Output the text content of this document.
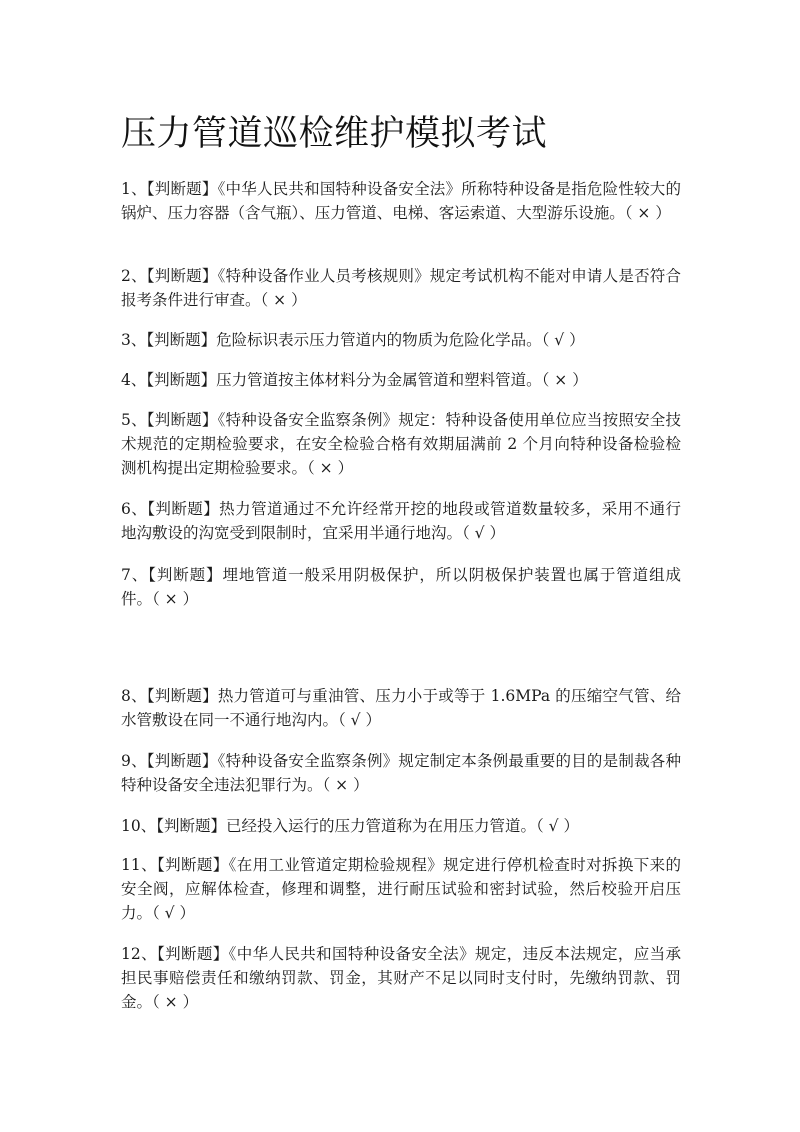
压力管道巡检维护模拟考试

1、【判断题】《中华人民共和国特种设备安全法》所称特种设备是指危险性较大的锅炉、压力容器（含气瓶）、压力管道、电梯、客运索道、大型游乐设施。（ × ）

2、【判断题】《特种设备作业人员考核规则》规定考试机构不能对申请人是否符合报考条件进行审查。（ × ）

3、【判断题】危险标识表示压力管道内的物质为危险化学品。（ √ ）

4、【判断题】压力管道按主体材料分为金属管道和塑料管道。（ × ）

5、【判断题】《特种设备安全监察条例》规定：特种设备使用单位应当按照安全技术规范的定期检验要求，在安全检验合格有效期届满前 2 个月向特种设备检验检测机构提出定期检验要求。（ × ）

6、【判断题】热力管道通过不允许经常开挖的地段或管道数量较多，采用不通行地沟敷设的沟宽受到限制时，宜采用半通行地沟。（ √ ）

7、【判断题】埋地管道一般采用阴极保护，所以阴极保护装置也属于管道组成件。（ × ）

8、【判断题】热力管道可与重油管、压力小于或等于 1.6MPa 的压缩空气管、给水管敷设在同一不通行地沟内。（ √ ）

9、【判断题】《特种设备安全监察条例》规定制定本条例最重要的目的是制裁各种特种设备安全违法犯罪行为。（ × ）

10、【判断题】已经投入运行的压力管道称为在用压力管道。（ √ ）

11、【判断题】《在用工业管道定期检验规程》规定进行停机检查时对拆换下来的安全阀，应解体检查，修理和调整，进行耐压试验和密封试验，然后校验开启压力。（ √ ）

12、【判断题】《中华人民共和国特种设备安全法》规定，违反本法规定，应当承担民事赔偿责任和缴纳罚款、罚金，其财产不足以同时支付时，先缴纳罚款、罚金。（ × ）
